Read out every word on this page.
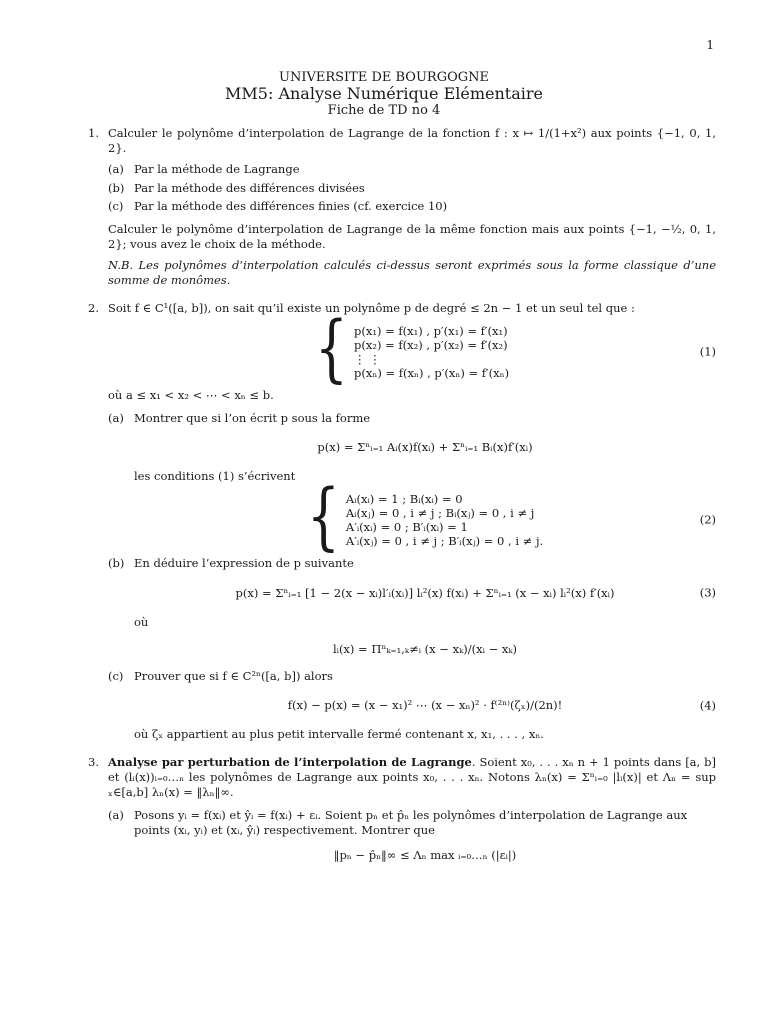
1
UNIVERSITE DE BOURGOGNE
MM5: Analyse Numérique Elémentaire
Fiche de TD no 4
1. Calculer le polynôme d’interpolation de Lagrange de la fonction f : x ↦ 1/(1+x²) aux points {−1, 0, 1, 2}.

(a) Par la méthode de Lagrange
(b) Par la méthode des différences divisées
(c) Par la méthode des différences finies (cf. exercice 10)

Calculer le polynôme d’interpolation de Lagrange de la même fonction mais aux points {−1, −½, 0, 1, 2}; vous avez le choix de la méthode.

N.B. Les polynômes d’interpolation calculés ci-dessus seront exprimés sous la forme classique d’une somme de monômes.

2. Soit f ∈ C¹([a, b]), on sait qu’il existe un polynôme p de degré ≤ 2n − 1 et un seul tel que :

{ p(x₁) = f(x₁) , p′(x₁) = f′(x₁)
p(x₂) = f(x₂) , p′(x₂) = f′(x₂)
⋮ ⋮
p(xₙ) = f(xₙ) , p′(xₙ) = f′(xₙ)
(1)

où a ≤ x₁ < x₂ < ⋯ < xₙ ≤ b.

(a) Montrer que si l’on écrit p sous la forme
p(x) = Σⁿᵢ₌₁ Aᵢ(x)f(xᵢ) + Σⁿᵢ₌₁ Bᵢ(x)f′(xᵢ)
les conditions (1) s’écrivent { Aᵢ(xᵢ) = 1 ; Bᵢ(xᵢ) = 0
Aᵢ(xⱼ) = 0 , i ≠ j ; Bᵢ(xⱼ) = 0 , i ≠ j
A′ᵢ(xᵢ) = 0 ; B′ᵢ(xᵢ) = 1
A′ᵢ(xⱼ) = 0 , i ≠ j ; B′ᵢ(xⱼ) = 0 , i ≠ j.
(2)
(b) En déduire l’expression de p suivante
p(x) = Σⁿᵢ₌₁ [1 − 2(x − xᵢ)l′ᵢ(xᵢ)] lᵢ²(x) f(xᵢ) + Σⁿᵢ₌₁ (x − xᵢ) lᵢ²(x) f′(xᵢ)	(3)
où
lᵢ(x) = Πⁿₖ₌₁,ₖ≠ᵢ (x − xₖ)/(xᵢ − xₖ)
(c) Prouver que si f ∈ C²ⁿ([a, b]) alors
f(x) − p(x) = (x − x₁)² ⋯ (x − xₙ)² · f⁽²ⁿ⁾(ζₓ)/(2n)!	(4)
où ζₓ appartient au plus petit intervalle fermé contenant x, x₁, . . . , xₙ.
3. Analyse par perturbation de l’interpolation de Lagrange. Soient x₀, . . . xₙ n + 1 points dans [a, b] et (lᵢ(x))ᵢ₌₀…ₙ les polynômes de Lagrange aux points x₀, . . . xₙ. Notons λₙ(x) = Σⁿᵢ₌₀ |lᵢ(x)| et Λₙ = sup ₓ∈[a,b] λₙ(x) = ‖λₙ‖∞.

(a) Posons yᵢ = f(xᵢ) et ŷᵢ = f(xᵢ) + εᵢ. Soient pₙ et p̂ₙ les polynômes d’interpolation de Lagrange aux points (xᵢ, yᵢ) et (xᵢ, ŷᵢ) respectivement. Montrer que
‖pₙ − p̂ₙ‖∞ ≤ Λₙ max ᵢ₌₀…ₙ (|εᵢ|)
